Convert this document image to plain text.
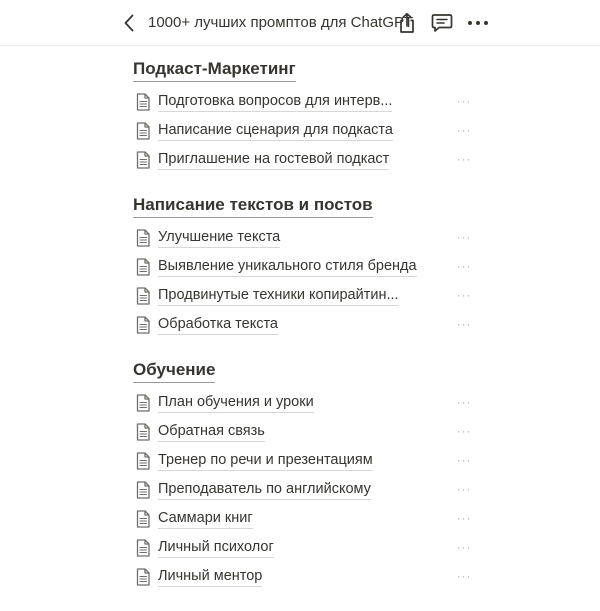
1000+ лучших промптов для ChatGPT
Подкаст-Маркетинг
Подготовка вопросов для интерв...	···
Написание сценария для подкаста	···
Приглашение на гостевой подкаст	···
Написание текстов и постов
Улучшение текста	···
Выявление уникального стиля бренда	···
Продвинутые техники копирайтин...	···
Обработка текста	···
Обучение
План обучения и уроки	···
Обратная связь	···
Тренер по речи и презентациям	···
Преподаватель по английскому	···
Саммари книг	···
Личный психолог	···
Личный ментор	···
